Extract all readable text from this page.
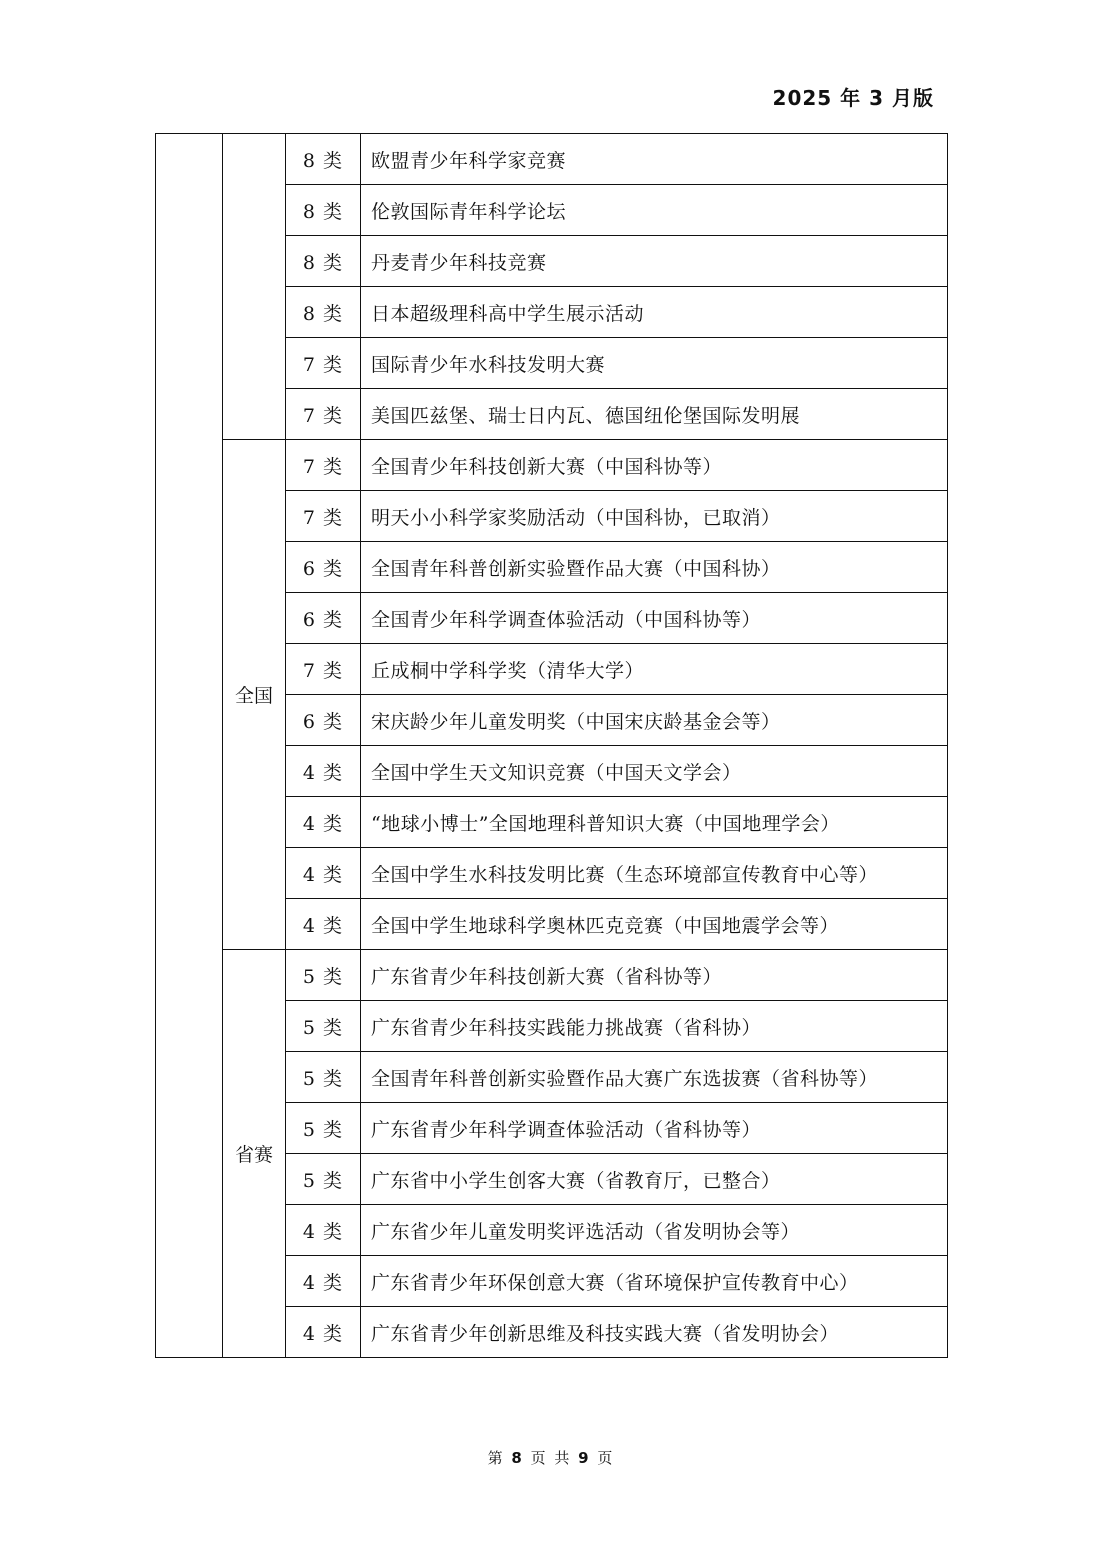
2025 年 3 月版
		8 类	欧盟青少年科学家竞赛
		8 类	伦敦国际青年科学论坛
		8 类	丹麦青少年科技竞赛
		8 类	日本超级理科高中学生展示活动
		7 类	国际青少年水科技发明大赛
		7 类	美国匹兹堡、瑞士日内瓦、德国纽伦堡国际发明展
	全国	7 类	全国青少年科技创新大赛（中国科协等）
		7 类	明天小小科学家奖励活动（中国科协，已取消）
		6 类	全国青年科普创新实验暨作品大赛（中国科协）
		6 类	全国青少年科学调查体验活动（中国科协等）
		7 类	丘成桐中学科学奖（清华大学）
		6 类	宋庆龄少年儿童发明奖（中国宋庆龄基金会等）
		4 类	全国中学生天文知识竞赛（中国天文学会）
		4 类	“地球小博士”全国地理科普知识大赛（中国地理学会）
		4 类	全国中学生水科技发明比赛（生态环境部宣传教育中心等）
		4 类	全国中学生地球科学奥林匹克竞赛（中国地震学会等）
	省赛	5 类	广东省青少年科技创新大赛（省科协等）
		5 类	广东省青少年科技实践能力挑战赛（省科协）
		5 类	全国青年科普创新实验暨作品大赛广东选拔赛（省科协等）
		5 类	广东省青少年科学调查体验活动（省科协等）
		5 类	广东省中小学生创客大赛（省教育厅，已整合）
		4 类	广东省少年儿童发明奖评选活动（省发明协会等）
		4 类	广东省青少年环保创意大赛（省环境保护宣传教育中心）
		4 类	广东省青少年创新思维及科技实践大赛（省发明协会）
第 8 页 共 9 页
